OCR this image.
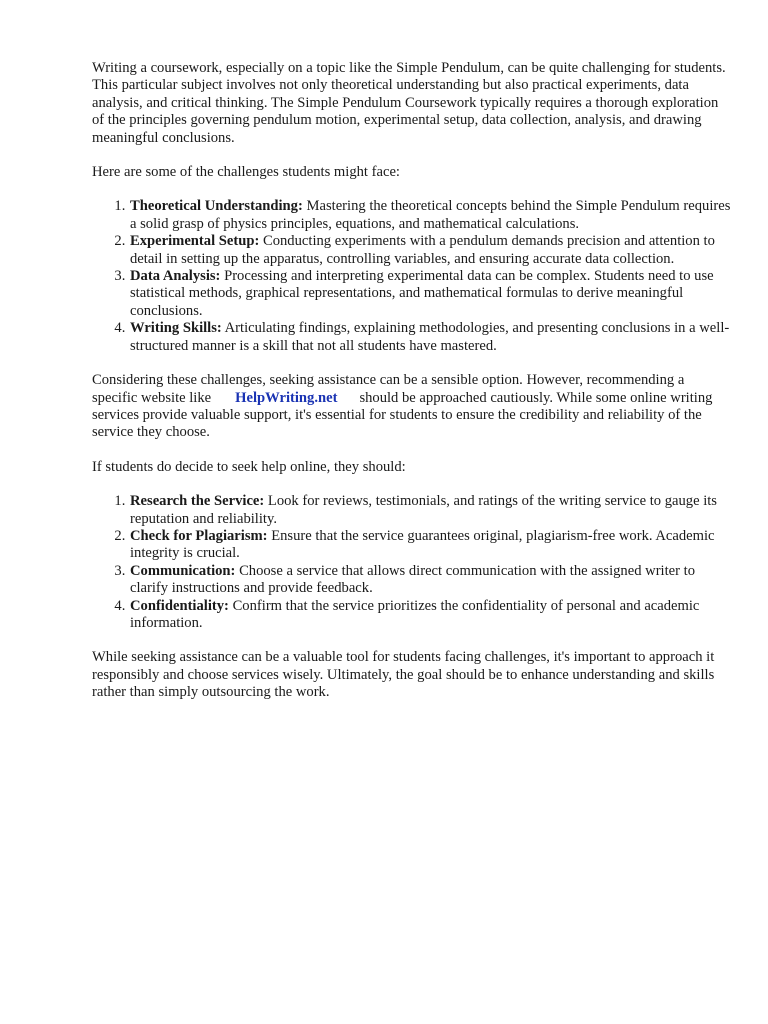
Writing a coursework, especially on a topic like the Simple Pendulum, can be quite challenging for students. This particular subject involves not only theoretical understanding but also practical experiments, data analysis, and critical thinking. The Simple Pendulum Coursework typically requires a thorough exploration of the principles governing pendulum motion, experimental setup, data collection, analysis, and drawing meaningful conclusions.

Here are some of the challenges students might face:

1. Theoretical Understanding: Mastering the theoretical concepts behind the Simple Pendulum requires a solid grasp of physics principles, equations, and mathematical calculations.
2. Experimental Setup: Conducting experiments with a pendulum demands precision and attention to detail in setting up the apparatus, controlling variables, and ensuring accurate data collection.
3. Data Analysis: Processing and interpreting experimental data can be complex. Students need to use statistical methods, graphical representations, and mathematical formulas to derive meaningful conclusions.
4. Writing Skills: Articulating findings, explaining methodologies, and presenting conclusions in a well-structured manner is a skill that not all students have mastered.

Considering these challenges, seeking assistance can be a sensible option. However, recommending a specific website like HelpWriting.net should be approached cautiously. While some online writing services provide valuable support, it's essential for students to ensure the credibility and reliability of the service they choose.

If students do decide to seek help online, they should:

1. Research the Service: Look for reviews, testimonials, and ratings of the writing service to gauge its reputation and reliability.
2. Check for Plagiarism: Ensure that the service guarantees original, plagiarism-free work. Academic integrity is crucial.
3. Communication: Choose a service that allows direct communication with the assigned writer to clarify instructions and provide feedback.
4. Confidentiality: Confirm that the service prioritizes the confidentiality of personal and academic information.

While seeking assistance can be a valuable tool for students facing challenges, it's important to approach it responsibly and choose services wisely. Ultimately, the goal should be to enhance understanding and skills rather than simply outsourcing the work.
